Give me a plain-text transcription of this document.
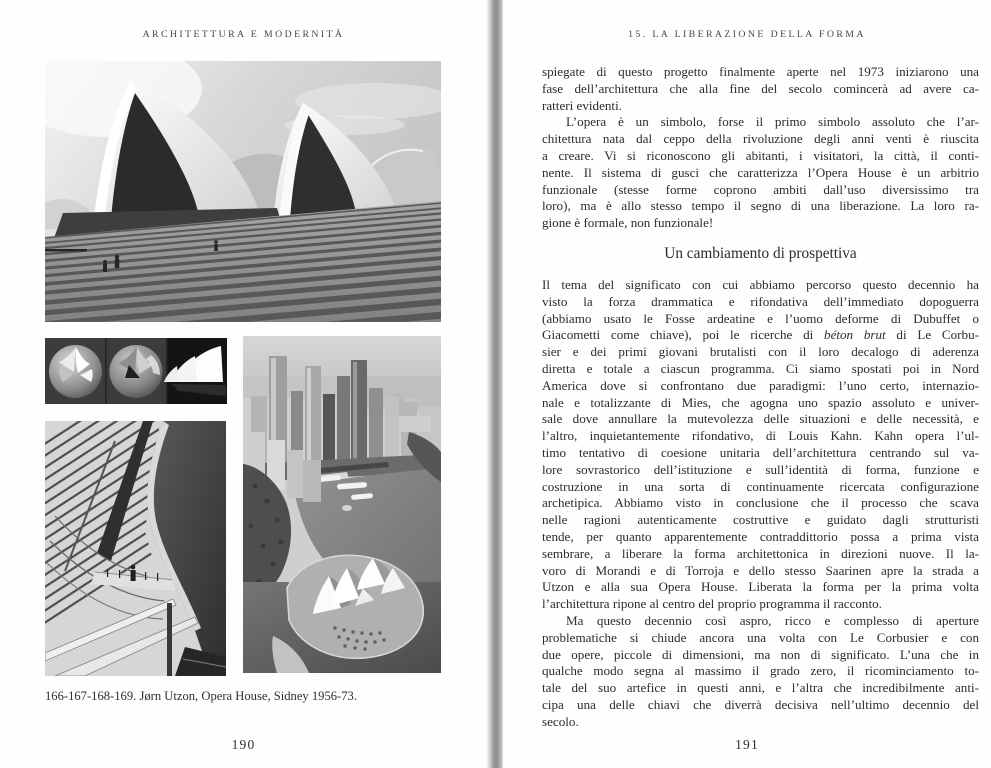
ARCHITETTURA E MODERNITÀ
166-167-168-169. Jørn Utzon, Opera House, Sidney 1956-73.
190
15. LA LIBERAZIONE DELLA FORMA
spiegate di questo progetto finalmente aperte nel 1973 iniziarono una
fase dell’architettura che alla fine del secolo comincerà ad avere ca-
ratteri evidenti.
L’opera è un simbolo, forse il primo simbolo assoluto che l’ar-
chitettura nata dal ceppo della rivoluzione degli anni venti è riuscita
a creare. Vi si riconoscono gli abitanti, i visitatori, la città, il conti-
nente. Il sistema di gusci che caratterizza l’Opera House è un arbitrio
funzionale (stesse forme coprono ambiti dall’uso diversissimo tra
loro), ma è allo stesso tempo il segno di una liberazione. La loro ra-
gione è formale, non funzionale!
Un cambiamento di prospettiva
Il tema del significato con cui abbiamo percorso questo decennio ha
visto la forza drammatica e rifondativa dell’immediato dopoguerra
(abbiamo usato le Fosse ardeatine e l’uomo deforme di Dubuffet o
Giacometti come chiave), poi le ricerche di béton brut di Le Corbu-
sier e dei primi giovani brutalisti con il loro decalogo di aderenza
diretta e totale a ciascun programma. Ci siamo spostati poi in Nord
America dove si confrontano due paradigmi: l’uno certo, internazio-
nale e totalizzante di Mies, che agogna uno spazio assoluto e univer-
sale dove annullare la mutevolezza delle situazioni e delle necessità, e
l’altro, inquietantemente rifondativo, di Louis Kahn. Kahn opera l’ul-
timo tentativo di coesione unitaria dell’architettura centrando sul va-
lore sovrastorico dell’istituzione e sull’identità di forma, funzione e
costruzione in una sorta di continuamente ricercata configurazione
archetipica. Abbiamo visto in conclusione che il processo che scava
nelle ragioni autenticamente costruttive e guidato dagli strutturisti
tende, per quanto apparentemente contraddittorio possa a prima vista
sembrare, a liberare la forma architettonica in direzioni nuove. Il la-
voro di Morandi e di Torroja e dello stesso Saarinen apre la strada a
Utzon e alla sua Opera House. Liberata la forma per la prima volta
l’architettura ripone al centro del proprio programma il racconto.
Ma questo decennio così aspro, ricco e complesso di aperture
problematiche si chiude ancora una volta con Le Corbusier e con
due opere, piccole di dimensioni, ma non di significato. L’una che in
qualche modo segna al massimo il grado zero, il ricominciamento to-
tale del suo artefice in questi anni, e l’altra che incredibilmente anti-
cipa una delle chiavi che diverrà decisiva nell’ultimo decennio del
secolo.
191
